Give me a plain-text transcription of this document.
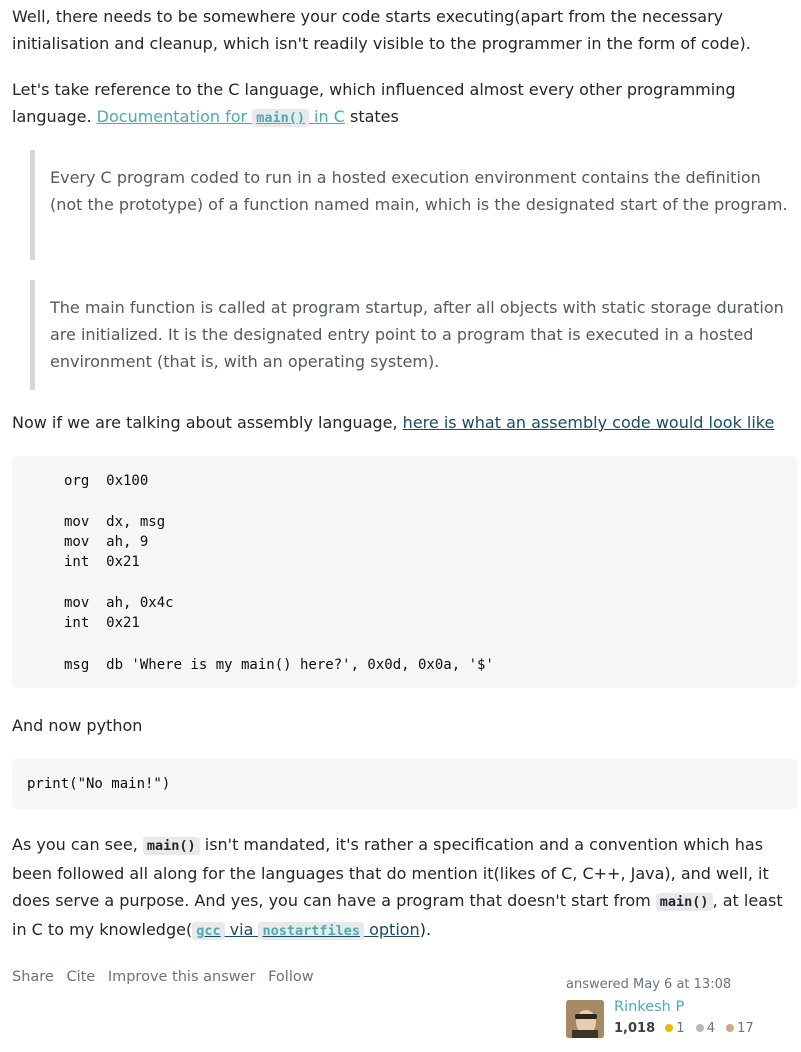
Well, there needs to be somewhere your code starts executing(apart from the necessary initialisation and cleanup, which isn't readily visible to the programmer in the form of code).

Let's take reference to the C language, which influenced almost every other programming language. Documentation for main() in C states

Every C program coded to run in a hosted execution environment contains the definition (not the prototype) of a function named main, which is the designated start of the program.

The main function is called at program startup, after all objects with static storage duration are initialized. It is the designated entry point to a program that is executed in a hosted environment (that is, with an operating system).

Now if we are talking about assembly language, here is what an assembly code would look like

org  0x100
mov  dx, msg
mov  ah, 9
int  0x21
mov  ah, 0x4c
int  0x21
msg  db 'Where is my main() here?', 0x0d, 0x0a, '$'

And now python

print("No main!")

As you can see, main() isn't mandated, it's rather a specification and a convention which has been followed all along for the languages that do mention it(likes of C, C++, Java), and well, it does serve a purpose. And yes, you can have a program that doesn't start from main() , at least in C to my knowledge( gcc via nostartfiles option).

Share Cite Improve this answer Follow	answered May 6 at 13:08
Rinkesh P
1,018 1 4 17
